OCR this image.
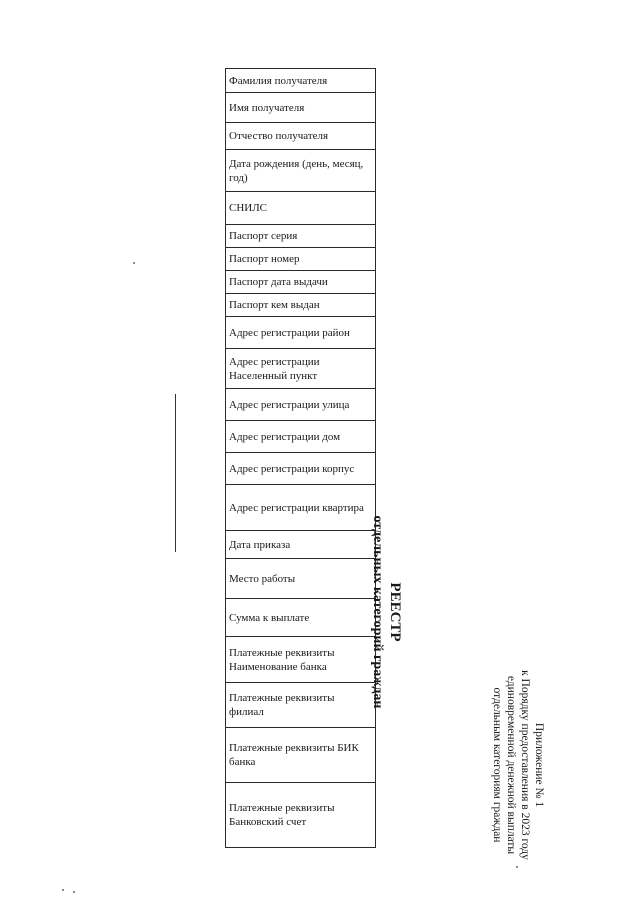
Фамилия получателя
Имя получателя
Отчество получателя
Дата рождения (день, месяц, год)
СНИЛС
Паспорт серия
Паспорт номер
Паспорт дата выдачи
Паспорт кем выдан
Адрес регистрации район
Адрес регистрации Населенный пункт
Адрес регистрации улица
Адрес регистрации дом
Адрес регистрации корпус
Адрес регистрации квартира
Дата приказа
Место работы
Сумма к выплате
Платежные реквизиты Наименование банка
Платежные реквизиты филиал
Платежные реквизиты БИК банка
Платежные реквизиты Банковский счет
РЕЕСТР
отдельных категорий граждан
Приложение № 1
к Порядку предоставления в 2023 году
единовременной денежной выплаты
отдельным категориям граждан
